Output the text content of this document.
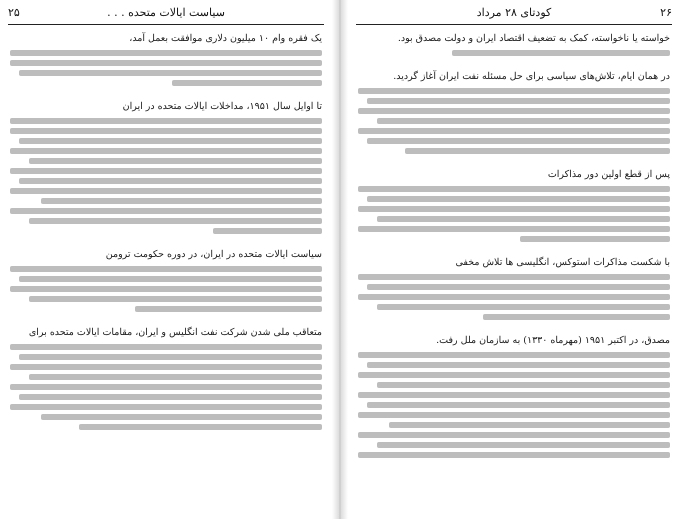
۲۵	سیاست ایالات متحده . . .
یک فقره وام ۱۰ میلیون دلاری موافقت بعمل آمد،
تا اوایل سال ۱۹۵۱، مداخلات ایالات متحده در ایران
سیاست ایالات متحده در ایران، در دوره حکومت ترومن
متعاقب ملی شدن شرکت نفت انگلیس و ایران، مقامات ایالات متحده برای
۲۶
کودتای ۲۸ مرداد
خواسته یا ناخواسته، کمک به تضعیف اقتصاد ایران و دولت مصدق بود.
در همان ایام، تلاش‌های سیاسی برای حل مسئله نفت ایران آغاز گردید.
پس از قطع اولین دور مذاکرات
با شکست مذاکرات استوکس، انگلیسی ها تلاش مخفی
مصدق، در اکتبر ۱۹۵۱ (مهرماه ۱۳۳۰) به سازمان ملل رفت.
